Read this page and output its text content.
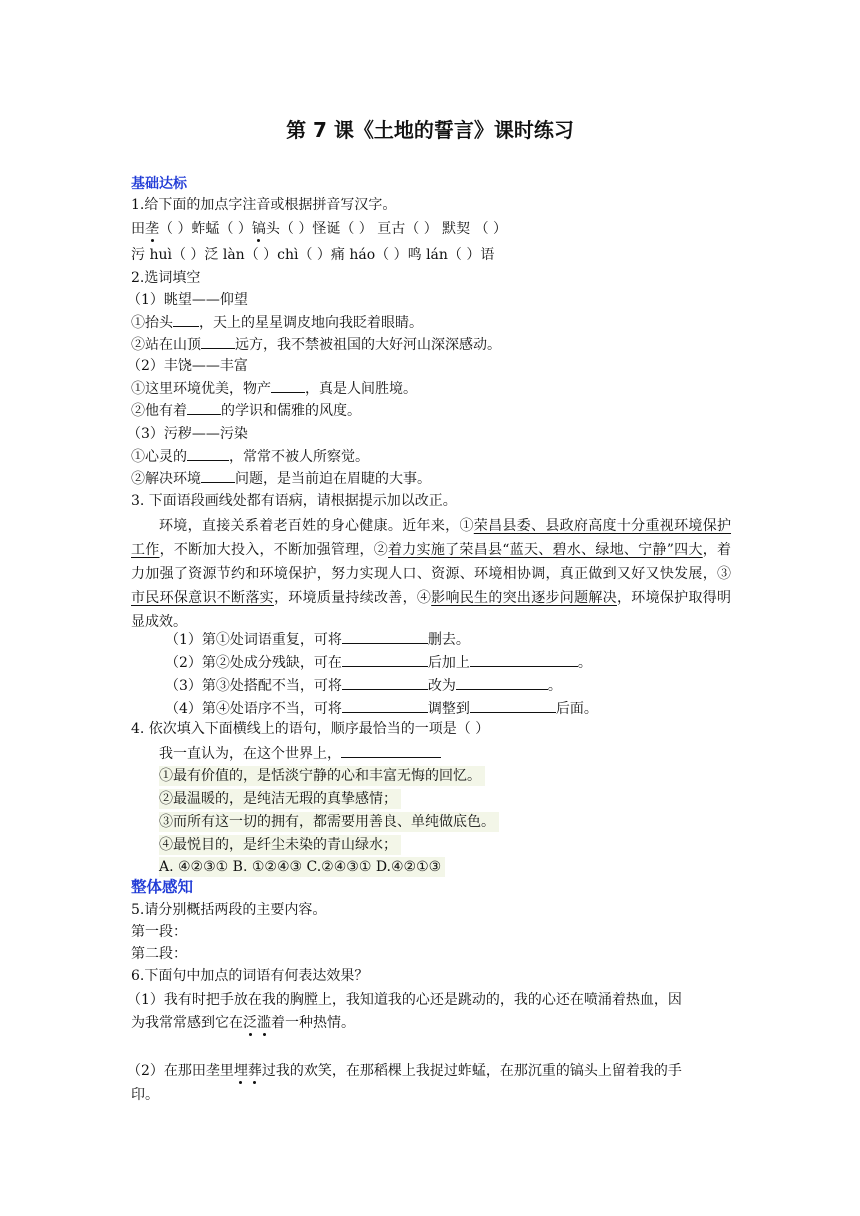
第 7 课《土地的誓言》课时练习
基础达标
1.给下面的加点字注音或根据拼音写汉字。
田垄（ ）蚱蜢（ ）镐头（ ）怪诞（ ） 亘古（ ） 默契 （ ）
污 huì（ ）泛 làn（ ）chì（ ）痛 háo（ ）鸣 lán（ ）语
2.选词填空
（1）眺望——仰望
①抬头 ，天上的星星调皮地向我眨着眼睛。
②站在山顶 远方，我不禁被祖国的大好河山深深感动。
（2）丰饶——丰富
①这里环境优美，物产 ，真是人间胜境。
②他有着 的学识和儒雅的风度。
（3）污秽——污染
①心灵的	，常常不被人所察觉。
②解决环境 问题，是当前迫在眉睫的大事。
3. 下面语段画线处都有语病，请根据提示加以改正。
环境，直接关系着老百姓的身心健康。近年来，①荣昌县委、县政府高度十分重视环境保护工作，不断加大投入，不断加强管理，②着力实施了荣昌县“蓝天、碧水、绿地、宁静”四大，着力加强了资源节约和环境保护，努力实现人口、资源、环境相协调，真正做到又好又快发展，③市民环保意识不断落实，环境质量持续改善，④影响民生的突出逐步问题解决，环境保护取得明显成效。
（1）第①处词语重复，可将	删去。
（2）第②处成分残缺，可在	后加上	。
（3）第③处搭配不当，可将	改为	。
（4）第④处语序不当，可将	调整到	后面。
4. 依次填入下面横线上的语句，顺序最恰当的一项是（ ）
我一直认为，在这个世界上，
①最有价值的，是恬淡宁静的心和丰富无悔的回忆。
②最温暖的，是纯洁无瑕的真挚感情；
③而所有这一切的拥有，都需要用善良、单纯做底色。
④最悦目的，是纤尘未染的青山绿水；
A. ④②③① B. ①②④③ C.②④③① D.④②①③
整体感知
5.请分别概括两段的主要内容。
第一段：
第二段：
6.下面句中加点的词语有何表达效果？
（1）我有时把手放在我的胸膛上，我知道我的心还是跳动的，我的心还在喷涌着热血，因
为我常常感到它在泛滥着一种热情。
（2）在那田垄里埋葬过我的欢笑，在那稻棵上我捉过蚱蜢，在那沉重的镐头上留着我的手
印。
